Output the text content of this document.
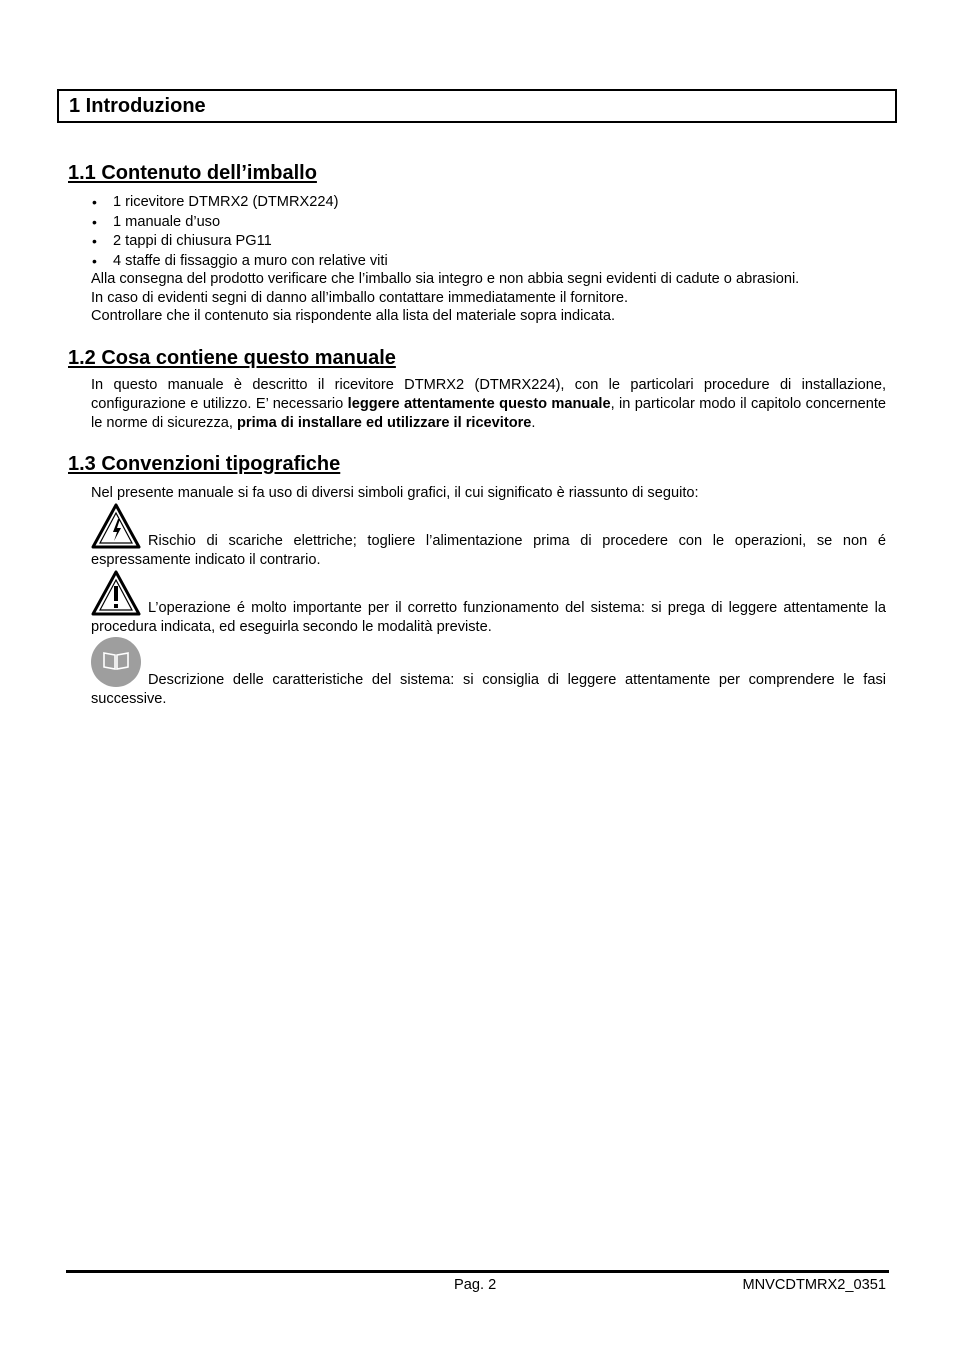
1 Introduzione
1.1 Contenuto dell’imballo
• 1 ricevitore DTMRX2 (DTMRX224)
• 1 manuale d’uso
• 2 tappi di chiusura PG11
• 4 staffe di fissaggio a muro con relative viti
Alla consegna del prodotto verificare che l’imballo sia integro e non abbia segni evidenti di cadute o abrasioni.
In caso di evidenti segni di danno all’imballo contattare immediatamente il fornitore.
Controllare che il contenuto sia rispondente alla lista del materiale sopra indicata.
1.2 Cosa contiene questo manuale
In questo manuale è descritto il ricevitore DTMRX2 (DTMRX224), con le particolari procedure di installazione, configurazione e utilizzo. E’ necessario leggere attentamente questo manuale, in particolar modo il capitolo concernente le norme di sicurezza, prima di installare ed utilizzare il ricevitore.
1.3 Convenzioni tipografiche
Nel presente manuale si fa uso di diversi simboli grafici, il cui significato è riassunto di seguito:
Rischio di scariche elettriche; togliere l’alimentazione prima di procedere con le operazioni, se non é espressamente indicato il contrario.
L’operazione é molto importante per il corretto funzionamento del sistema: si prega di leggere attentamente la procedura indicata, ed eseguirla secondo le modalità previste.
Descrizione delle caratteristiche del sistema: si consiglia di leggere attentamente per comprendere le fasi successive.
Pag. 2	MNVCDTMRX2_0351
